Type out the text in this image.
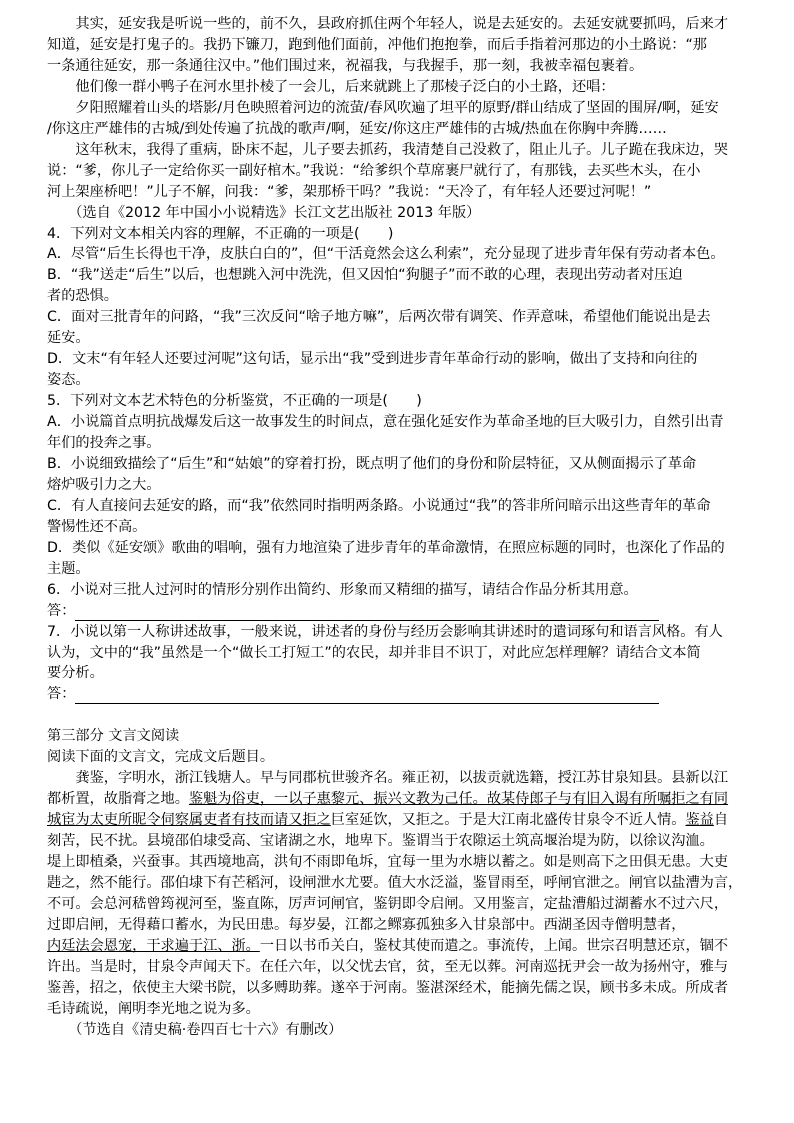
　　其实，延安我是听说一些的，前不久，县政府抓住两个年轻人，说是去延安的。去延安就要抓吗，后来才
知道，延安是打鬼子的。我扔下镰刀，跑到他们面前，冲他们抱抱拳，而后手指着河那边的小土路说：“那
一条通往延安，那一条通往汉中。”他们围过来，祝福我，与我握手，那一刻，我被幸福包裹着。
　　他们像一群小鸭子在河水里扑棱了一会儿，后来就跳上了那棱子泛白的小土路，还唱：
　　夕阳照耀着山头的塔影/月色映照着河边的流萤/春风吹遍了坦平的原野/群山结成了坚固的围屏/啊，延安
/你这庄严雄伟的古城/到处传遍了抗战的歌声/啊，延安/你这庄严雄伟的古城/热血在你胸中奔腾……
　　这年秋末，我得了重病，卧床不起，儿子要去抓药，我清楚自己没救了，阻止儿子。儿子跪在我床边，哭
说：“爹，你儿子一定给你买一副好棺木。”我说：“给爹织个草席裹尸就行了，有那钱，去买些木头，在小
河上架座桥吧！”儿子不解，问我：“爹，架那桥干吗？”我说：“天冷了，有年轻人还要过河呢！”
　　（选自《2012 年中国小小说精选》长江文艺出版社 2013 年版）
4．下列对文本相关内容的理解，不正确的一项是(　　)
A．尽管“后生长得也干净，皮肤白白的”，但“干活竟然会这么利索”，充分显现了进步青年保有劳动者本色。
B．“我”送走“后生”以后，也想跳入河中洗洗，但又因怕“狗腿子”而不敢的心理，表现出劳动者对压迫
者的恐惧。
C．面对三批青年的问路，“我”三次反问“啥子地方嘛”，后两次带有调笑、作弄意味，希望他们能说出是去
延安。
D．文末“有年轻人还要过河呢”这句话，显示出“我”受到进步青年革命行动的影响，做出了支持和向往的
姿态。
5．下列对文本艺术特色的分析鉴赏，不正确的一项是(　　)
A．小说篇首点明抗战爆发后这一故事发生的时间点，意在强化延安作为革命圣地的巨大吸引力，自然引出青
年们的投奔之事。
B．小说细致描绘了“后生”和“姑娘”的穿着打扮，既点明了他们的身份和阶层特征，又从侧面揭示了革命
熔炉吸引力之大。
C．有人直接问去延安的路，而“我”依然同时指明两条路。小说通过“我”的答非所问暗示出这些青年的革命
警惕性还不高。
D．类似《延安颂》歌曲的唱响，强有力地渲染了进步青年的革命激情，在照应标题的同时，也深化了作品的
主题。
6．小说对三批人过河时的情形分别作出简约、形象而又精细的描写，请结合作品分析其用意。
答：
7．小说以第一人称讲述故事，一般来说，讲述者的身份与经历会影响其讲述时的遣词琢句和语言风格。有人
认为，文中的“我”虽然是一个“做长工打短工”的农民，却并非目不识丁，对此应怎样理解？请结合文本简
要分析。
答：
第三部分 文言文阅读
阅读下面的文言文，完成文后题目。
　　龚鉴，字明水，浙江钱塘人。早与同郡杭世骏齐名。雍正初，以拔贡就选籍，授江苏甘泉知县。县新以江
都析置，故脂膏之地。鉴魁为俗吏，一以子惠黎元、振兴文教为己任。故某侍郎子与有旧入谒有所嘱拒之有同
城宦为太吏所昵令伺察属吏者有技而请又拒之巨室延饮，又拒之。于是大江南北盛传甘泉令不近人情。鉴益自
刻苦，民不扰。县境邵伯埭受高、宝诸湖之水，地卑下。鉴谓当于农隙运土筑高堰治堤为防，以徐议沟洫。
堤上即植桑，兴蚕事。其西境地高，洪旬不雨即龟坼，宜每一里为水塘以蓄之。如是则高下之田俱无患。大吏
韪之，然不能行。邵伯埭下有芒稻河，设闸泄水尤要。值大水泛溢，鉴冒雨至，呼闸官泄之。闸官以盐漕为言，
不可。会总河嵇曾筠视河至，鉴直陈，厉声诃闸官，鉴钥即令启闸。又用鉴言，定盐漕船过湖蓄水不过六尺，
过即启闸，无得藉口蓄水，为民田患。每岁晏，江都之鳏寡孤独多入甘泉部中。西湖圣因寺僧明慧者，
内廷法会恩宠，干求遍于江、浙。一日以书币关白，鉴杖其使而遣之。事流传，上闻。世宗召明慧还京，锢不
许出。当是时，甘泉令声闻天下。在任六年，以父忧去官，贫，至无以葬。河南巡抚尹会一故为扬州守，雅与
鉴善，招之，依使主大梁书院，以多赙助葬。遂卒于河南。鉴湛深经术，能摘先儒之误，顾书多未成。所成者
毛诗疏说，阐明李光地之说为多。
　　（节选自《清史稿·卷四百七十六》有删改）
